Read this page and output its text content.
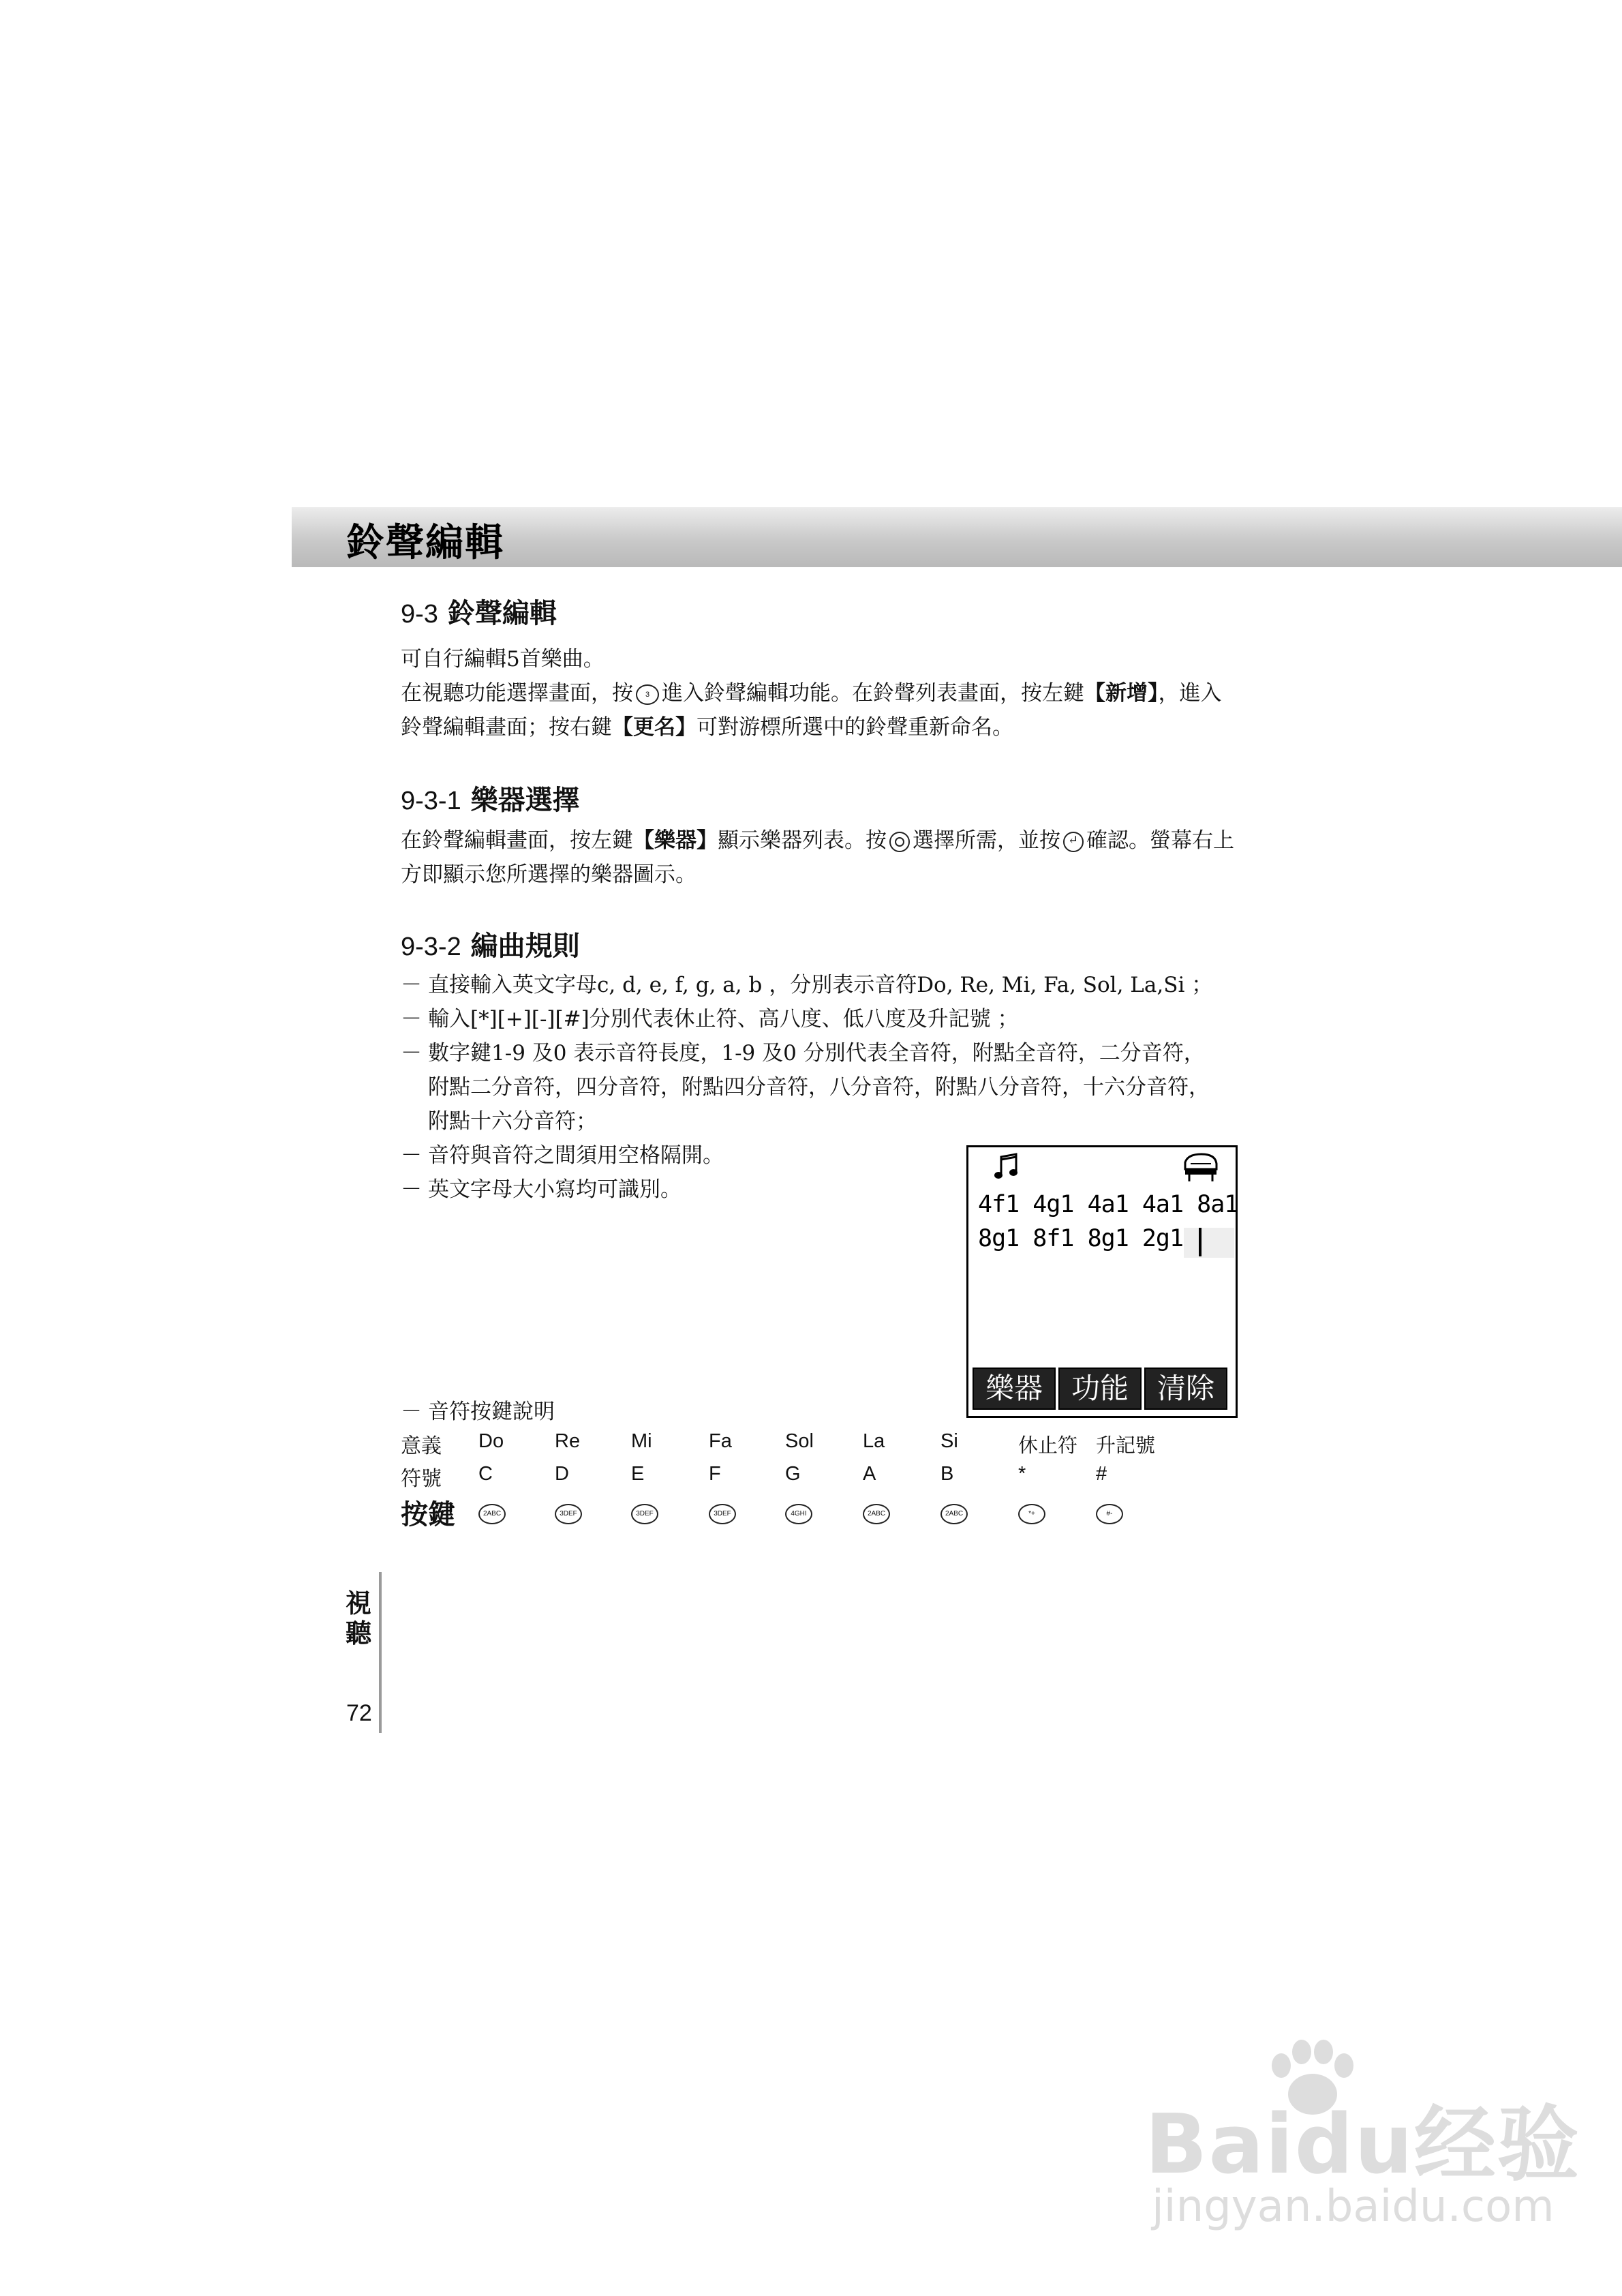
鈴聲編輯
9-3 鈴聲編輯
可自行編輯5首樂曲。
在視聽功能選擇畫面，按 3 進入鈴聲編輯功能。在鈴聲列表畫面，按左鍵【新增】，進入
鈴聲編輯畫面；按右鍵【更名】可對游標所選中的鈴聲重新命名。
9-3-1 樂器選擇
在鈴聲編輯畫面，按左鍵【樂器】顯示樂器列表。按 選擇所需，並按↵ 確認。螢幕右上
方即顯示您所選擇的樂器圖示。
9-3-2 編曲規則
－ 直接輸入英文字母c, d, e, f, g, a, b ，分別表示音符Do, Re, Mi, Fa, Sol, La,Si ；
－ 輸入[*][+][-][#]分別代表休止符、高八度、低八度及升記號 ；
－ 數字鍵1-9 及0 表示音符長度，1-9 及0 分別代表全音符，附點全音符，二分音符，
附點二分音符，四分音符，附點四分音符，八分音符，附點八分音符，十六分音符，
附點十六分音符；
－ 音符與音符之間須用空格隔開。
－ 英文字母大小寫均可識別。
4f1 4g1 4a1 4a1 8a1
8g1 8f1 8g1 2g1
樂器 功能 清除
－ 音符按鍵說明
意義
符號
按鍵
Do	Re	Mi	Fa	Sol La	Si	休止符 升記號
C	D	E	F	G	A	B	*	#
2ABC	3DEF	3DEF	3DEF	4GHI	2ABC	2ABC	*+	#-
視聽
72
Baidu经验
jingyan.baidu.com
